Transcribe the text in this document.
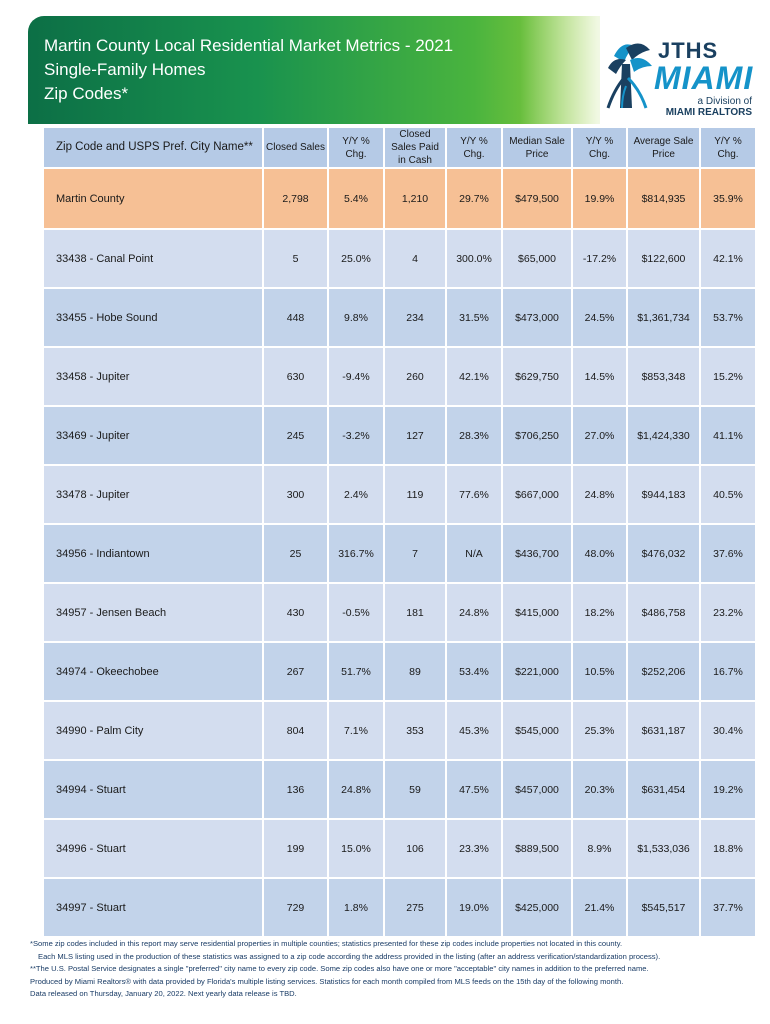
Martin County Local Residential Market Metrics - 2021
Single-Family Homes
Zip Codes*
JTHS
MIAMI
a Division of
MIAMI REALTORS
Zip Code and USPS Pref. City Name**	Closed Sales	Y/Y % Chg.	Closed Sales Paid in Cash	Y/Y % Chg.	Median Sale Price	Y/Y % Chg.	Average Sale Price	Y/Y % Chg.
Martin County	2,798	5.4%	1,210	29.7%	$479,500	19.9%	$814,935	35.9%
33438 - Canal Point	5	25.0%	4	300.0%	$65,000	-17.2%	$122,600	42.1%
33455 - Hobe Sound	448	9.8%	234	31.5%	$473,000	24.5%	$1,361,734	53.7%
33458 - Jupiter	630	-9.4%	260	42.1%	$629,750	14.5%	$853,348	15.2%
33469 - Jupiter	245	-3.2%	127	28.3%	$706,250	27.0%	$1,424,330	41.1%
33478 - Jupiter	300	2.4%	119	77.6%	$667,000	24.8%	$944,183	40.5%
34956 - Indiantown	25	316.7%	7	N/A	$436,700	48.0%	$476,032	37.6%
34957 - Jensen Beach	430	-0.5%	181	24.8%	$415,000	18.2%	$486,758	23.2%
34974 - Okeechobee	267	51.7%	89	53.4%	$221,000	10.5%	$252,206	16.7%
34990 - Palm City	804	7.1%	353	45.3%	$545,000	25.3%	$631,187	30.4%
34994 - Stuart	136	24.8%	59	47.5%	$457,000	20.3%	$631,454	19.2%
34996 - Stuart	199	15.0%	106	23.3%	$889,500	8.9%	$1,533,036	18.8%
34997 - Stuart	729	1.8%	275	19.0%	$425,000	21.4%	$545,517	37.7%
*Some zip codes included in this report may serve residential properties in multiple counties; statistics presented for these zip codes include properties not located in this county.
Each MLS listing used in the production of these statistics was assigned to a zip code according the address provided in the listing (after an address verification/standardization process).
**The U.S. Postal Service designates a single "preferred" city name to every zip code. Some zip codes also have one or more "acceptable" city names in addition to the preferred name.
Produced by Miami Realtors® with data provided by Florida's multiple listing services. Statistics for each month compiled from MLS feeds on the 15th day of the following month.
Data released on Thursday, January 20, 2022. Next yearly data release is TBD.
